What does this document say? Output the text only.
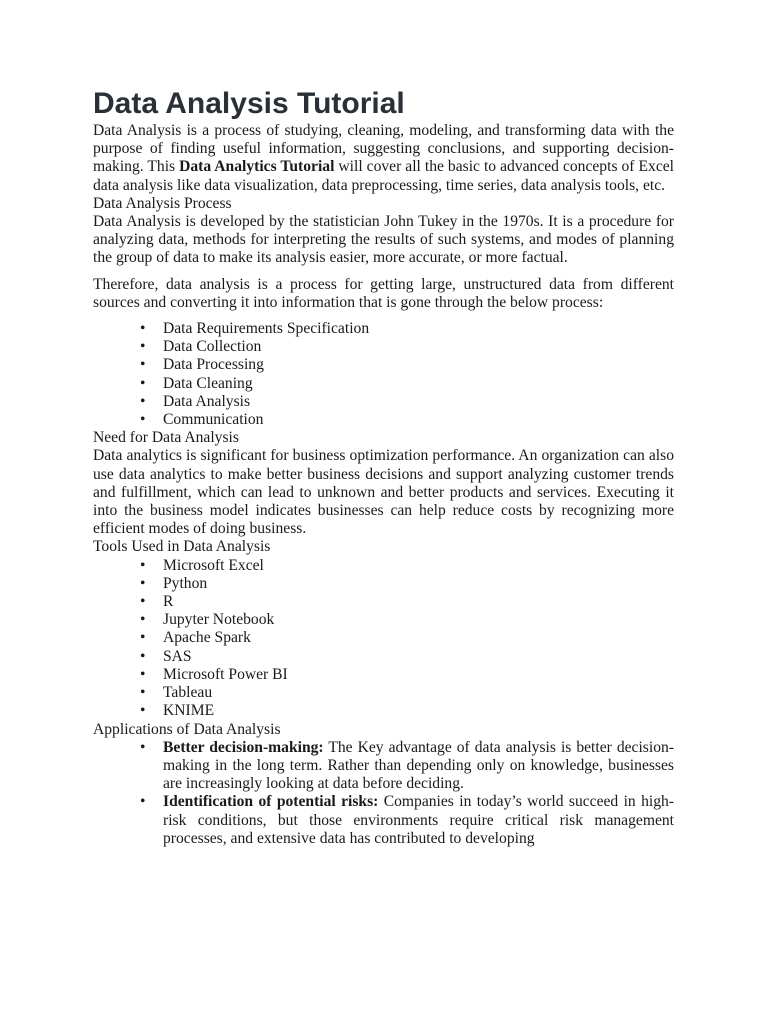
Data Analysis Tutorial

Data Analysis is a process of studying, cleaning, modeling, and transforming data with the purpose of finding useful information, suggesting conclusions, and supporting decision-making. This Data Analytics Tutorial will cover all the basic to advanced concepts of Excel data analysis like data visualization, data preprocessing, time series, data analysis tools, etc.

Data Analysis Process

Data Analysis is developed by the statistician John Tukey in the 1970s. It is a procedure for analyzing data, methods for interpreting the results of such systems, and modes of planning the group of data to make its analysis easier, more accurate, or more factual.

Therefore, data analysis is a process for getting large, unstructured data from different sources and converting it into information that is gone through the below process:

• Data Requirements Specification
• Data Collection
• Data Processing
• Data Cleaning
• Data Analysis
• Communication

Need for Data Analysis

Data analytics is significant for business optimization performance. An organization can also use data analytics to make better business decisions and support analyzing customer trends and fulfillment, which can lead to unknown and better products and services. Executing it into the business model indicates businesses can help reduce costs by recognizing more efficient modes of doing business.

Tools Used in Data Analysis

• Microsoft Excel
• Python
• R
• Jupyter Notebook
• Apache Spark
• SAS
• Microsoft Power BI
• Tableau
• KNIME

Applications of Data Analysis

• Better decision-making: The Key advantage of data analysis is better decision-making in the long term. Rather than depending only on knowledge, businesses are increasingly looking at data before deciding.
• Identification of potential risks: Companies in today’s world succeed in high-risk conditions, but those environments require critical risk management processes, and extensive data has contributed to developing
